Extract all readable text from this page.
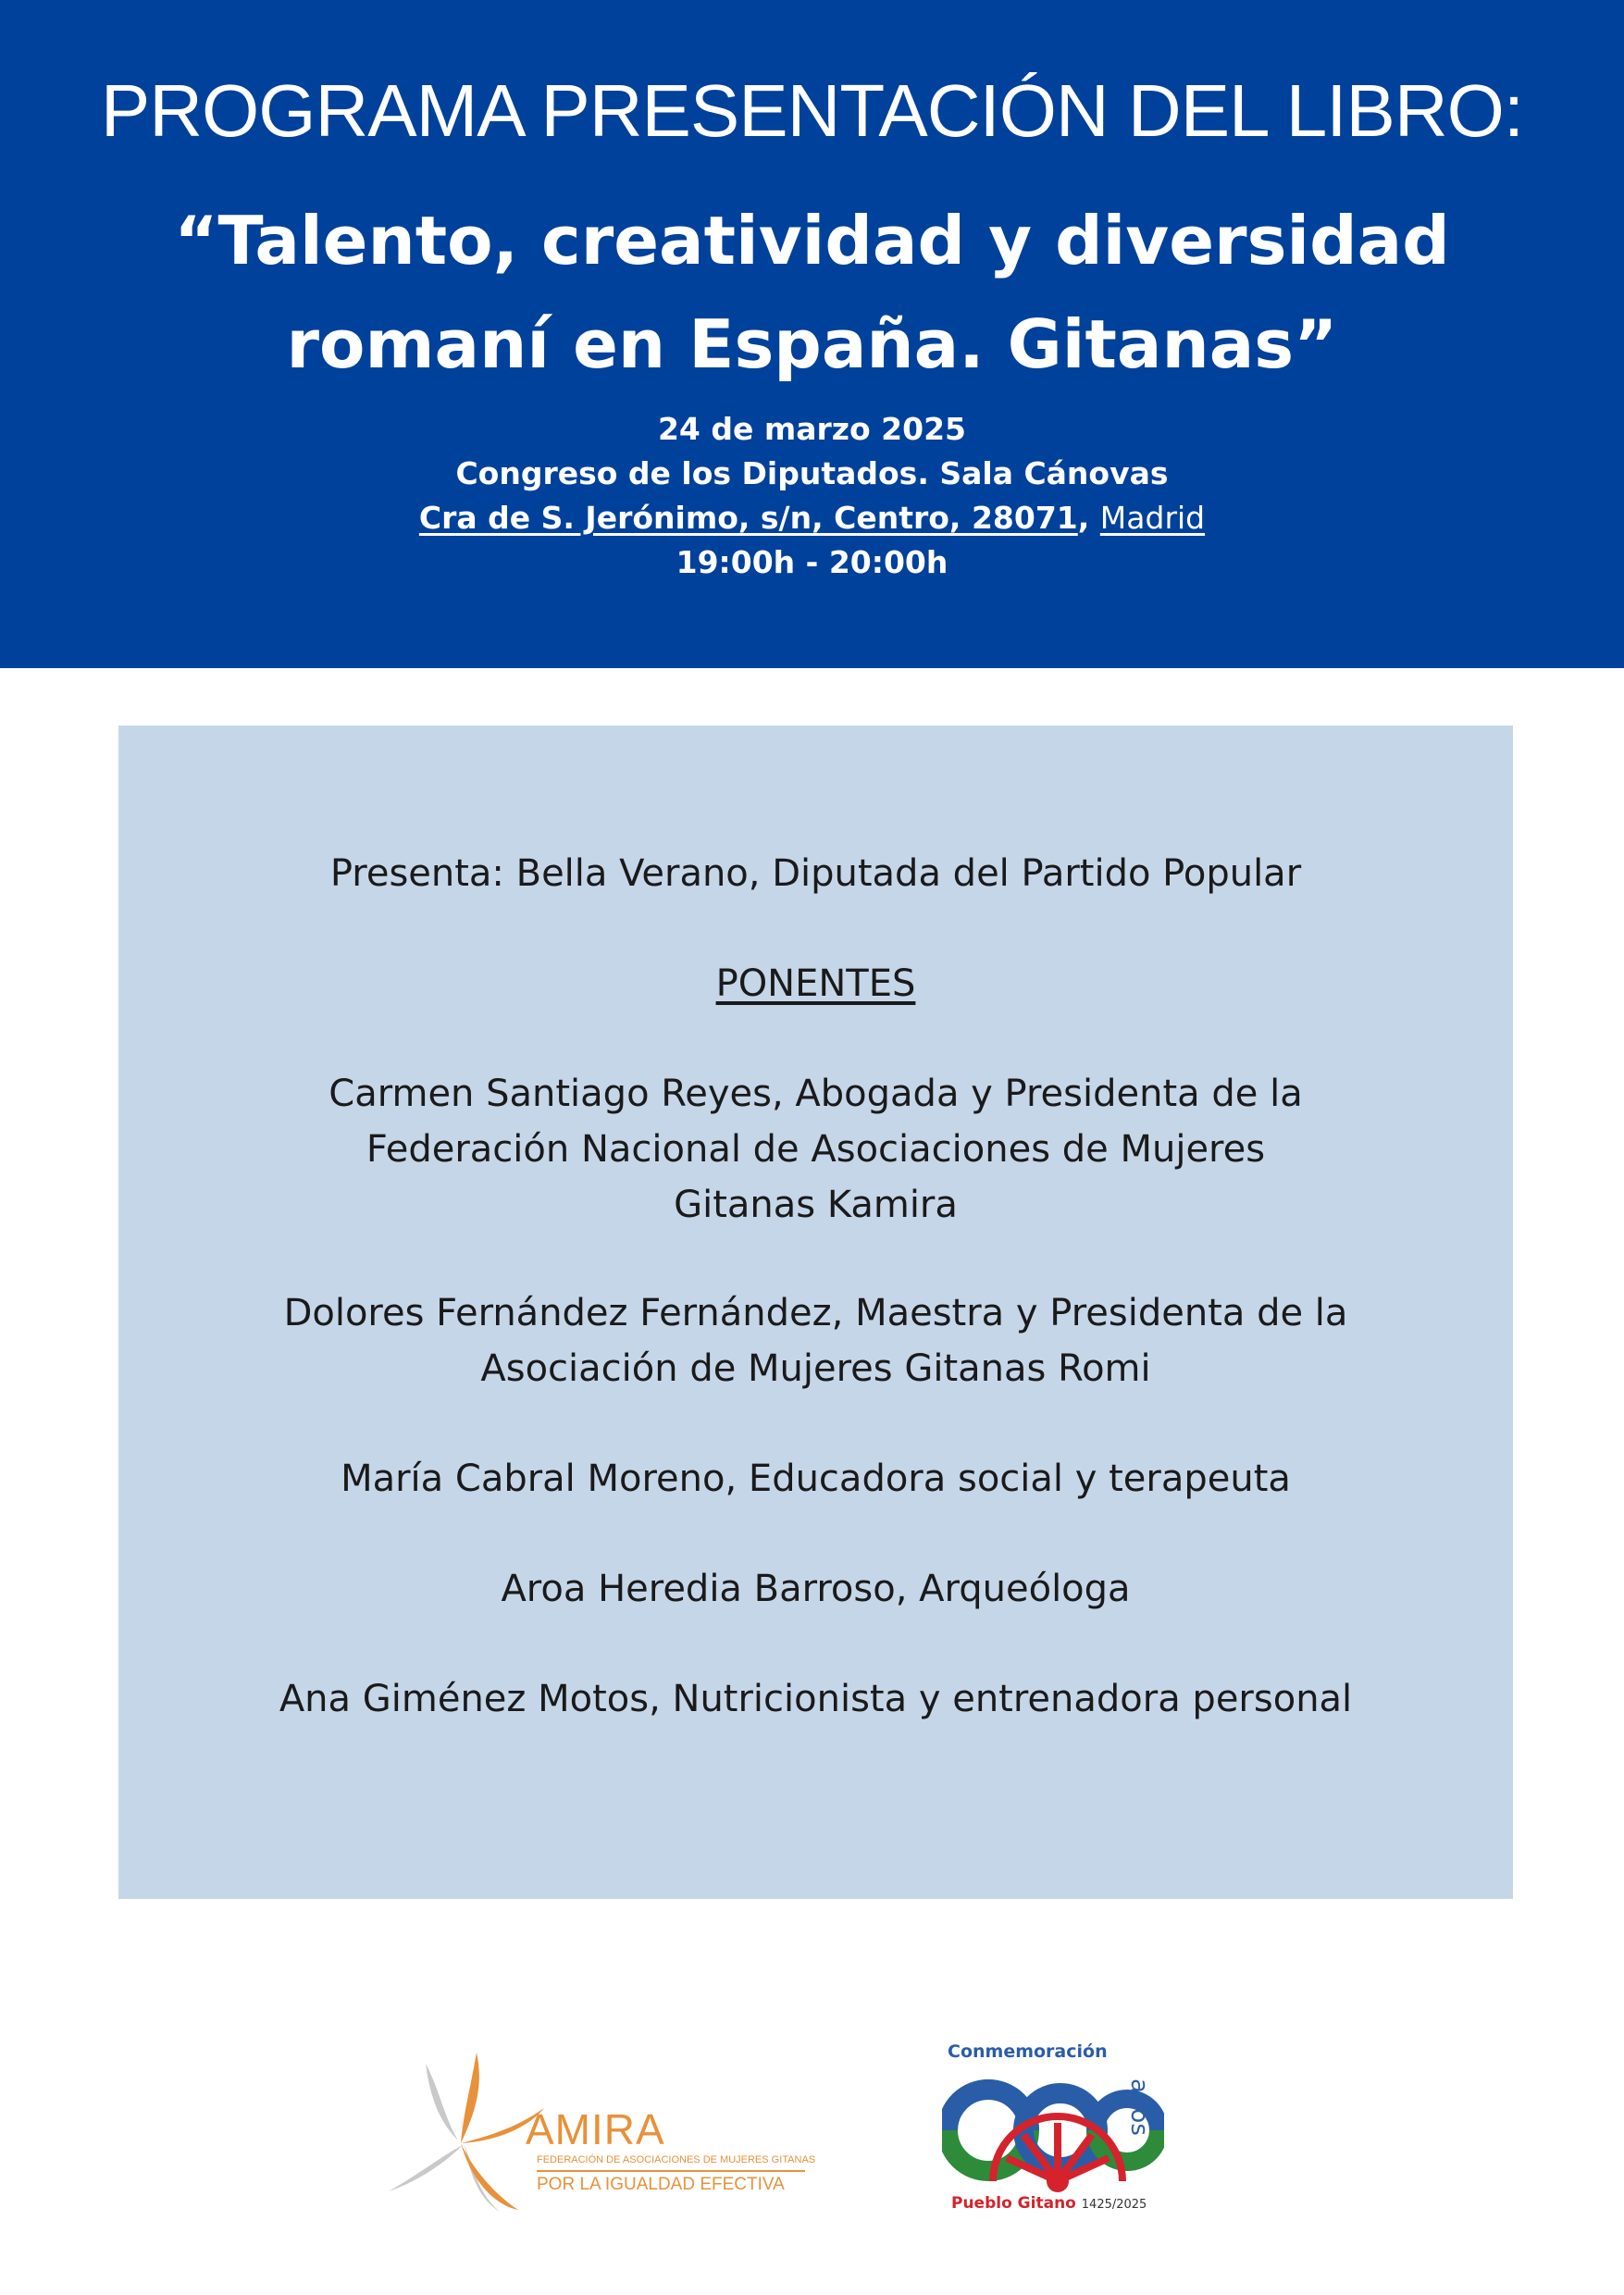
PROGRAMA PRESENTACIÓN DEL LIBRO:
“Talento, creatividad y diversidad
romaní en España. Gitanas”
24 de marzo 2025
Congreso de los Diputados. Sala Cánovas
Cra de S. Jerónimo, s/n, Centro, 28071, Madrid
19:00h - 20:00h
Presenta: Bella Verano, Diputada del Partido Popular
PONENTES
Carmen Santiago Reyes, Abogada y Presidenta de la
Federación Nacional de Asociaciones de Mujeres
Gitanas Kamira
Dolores Fernández Fernández, Maestra y Presidenta de la
Asociación de Mujeres Gitanas Romi
María Cabral Moreno, Educadora social y terapeuta
Aroa Heredia Barroso, Arqueóloga
Ana Giménez Motos, Nutricionista y entrenadora personal
AMIRA
FEDERACIÓN DE ASOCIACIONES DE MUJERES GITANAS
POR LA IGUALDAD EFECTIVA
Conmemoración
años
Pueblo Gitano 1425/2025
